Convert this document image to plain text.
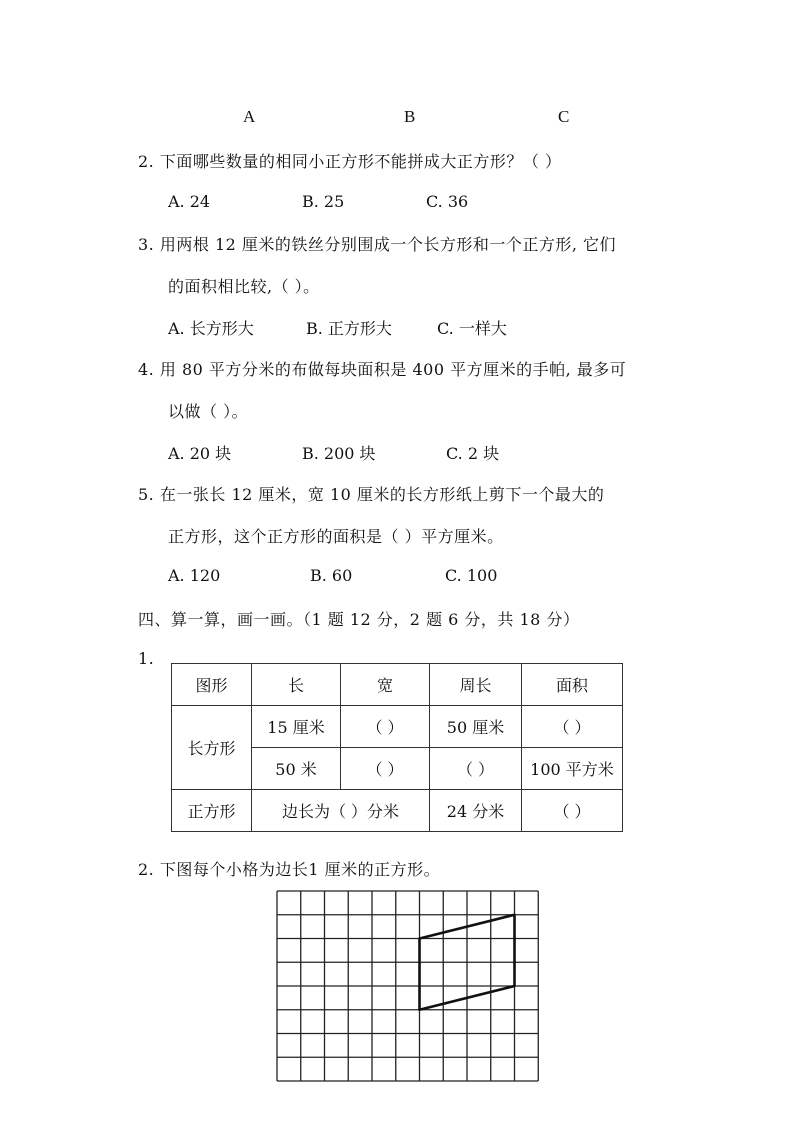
A	B	C
2. 下面哪些数量的相同小正方形不能拼成大正方形？（ ）
A. 24	B. 25	C. 36
3. 用两根 12 厘米的铁丝分别围成一个长方形和一个正方形, 它们
的面积相比较,（ ）。
A. 长方形大	B. 正方形大	C. 一样大
4. 用 80 平方分米的布做每块面积是 400 平方厘米的手帕, 最多可
以做（ ）。
A. 20 块	B. 200 块	C. 2 块
5. 在一张长 12 厘米，宽 10 厘米的长方形纸上剪下一个最大的
正方形，这个正方形的面积是（ ）平方厘米。
A. 120	B. 60	C. 100
四、算一算，画一画。（1 题 12 分，2 题 6 分，共 18 分）
1.
图形	长	宽	周长	面积
长方形	15 厘米	（ ）	50 厘米	（ ）
	50 米	（ ）	（ ）	100 平方米
正方形	边长为（ ）分米		24 分米	（ ）
2. 下图每个小格为边长1 厘米的正方形。
